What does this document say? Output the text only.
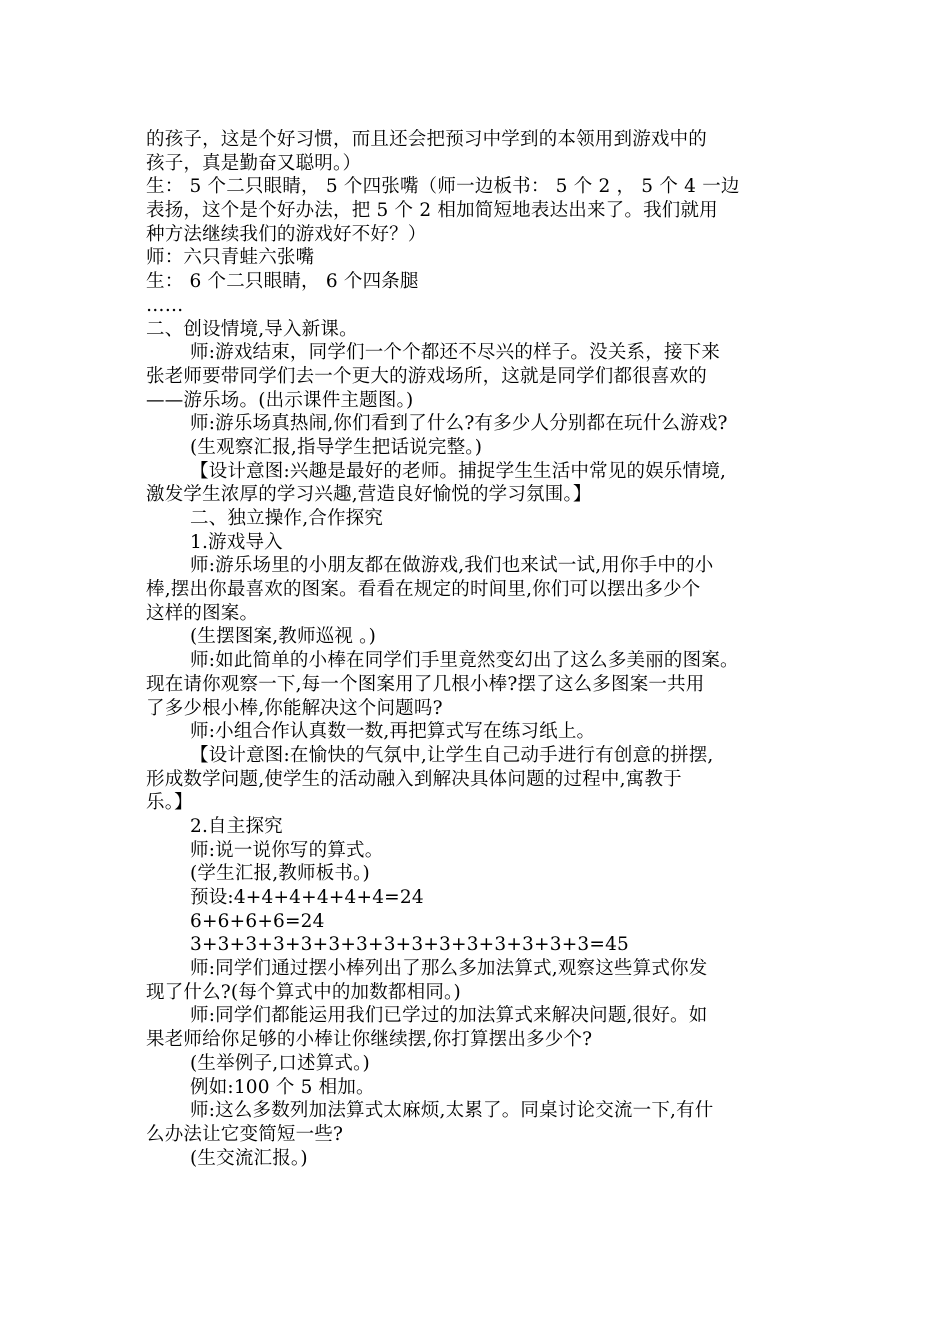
的孩子，这是个好习惯，而且还会把预习中学到的本领用到游戏中的
孩子，真是勤奋又聪明。）
生： 5 个二只眼睛， 5 个四张嘴（师一边板书： 5 个 2 ， 5 个 4 一边
表扬，这个是个好办法，把 5 个 2 相加简短地表达出来了。我们就用
种方法继续我们的游戏好不好？）
师：六只青蛙六张嘴
生： 6 个二只眼睛， 6 个四条腿
……
二、创设情境,导入新课。
师:游戏结束，同学们一个个都还不尽兴的样子。没关系，接下来
张老师要带同学们去一个更大的游戏场所，这就是同学们都很喜欢的
——游乐场。(出示课件主题图。)
师:游乐场真热闹,你们看到了什么?有多少人分别都在玩什么游戏?
(生观察汇报,指导学生把话说完整。)
【设计意图:兴趣是最好的老师。捕捉学生生活中常见的娱乐情境,
激发学生浓厚的学习兴趣,营造良好愉悦的学习氛围。】
二、独立操作,合作探究
1.游戏导入
师:游乐场里的小朋友都在做游戏,我们也来试一试,用你手中的小
棒,摆出你最喜欢的图案。看看在规定的时间里,你们可以摆出多少个
这样的图案。
(生摆图案,教师巡视 。)
师:如此简单的小棒在同学们手里竟然变幻出了这么多美丽的图案。
现在请你观察一下,每一个图案用了几根小棒?摆了这么多图案一共用
了多少根小棒,你能解决这个问题吗?
师:小组合作认真数一数,再把算式写在练习纸上。
【设计意图:在愉快的气氛中,让学生自己动手进行有创意的拼摆,
形成数学问题,使学生的活动融入到解决具体问题的过程中,寓教于
乐。】
2.自主探究
师:说一说你写的算式。
(学生汇报,教师板书。)
预设:4+4+4+4+4+4=24
6+6+6+6=24
3+3+3+3+3+3+3+3+3+3+3+3+3+3+3=45
师:同学们通过摆小棒列出了那么多加法算式,观察这些算式你发
现了什么?(每个算式中的加数都相同。)
师:同学们都能运用我们已学过的加法算式来解决问题,很好。如
果老师给你足够的小棒让你继续摆,你打算摆出多少个?
(生举例子,口述算式。)
例如:100 个 5 相加。
师:这么多数列加法算式太麻烦,太累了。同桌讨论交流一下,有什
么办法让它变简短一些?
(生交流汇报。)
